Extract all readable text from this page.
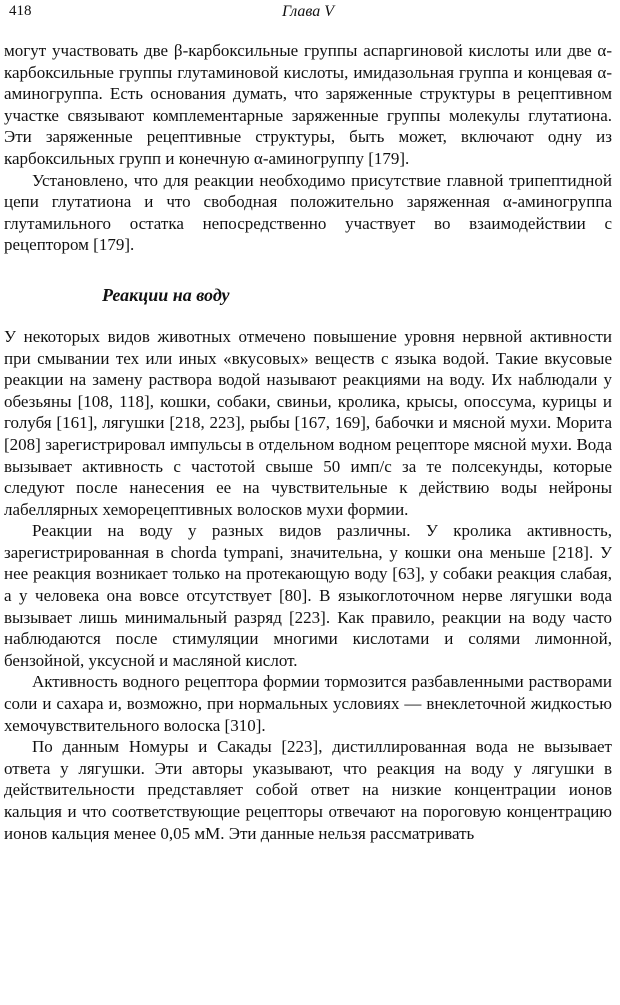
418	Глава V

могут участвовать две β-карбоксильные группы аспаргиновой кислоты или две α-карбоксильные группы глутаминовой кислоты, имидазольная группа и концевая α-аминогруппа. Есть основания думать, что заряженные структуры в рецептивном участке связывают комплементарные заряженные группы молекулы глутатиона. Эти заряженные рецептивные структуры, быть может, включают одну из карбоксильных групп и конечную α-аминогруппу [179].

Установлено, что для реакции необходимо присутствие главной трипептидной цепи глутатиона и что свободная положительно заряженная α-аминогруппа глутамильного остатка непосредственно участвует во взаимодействии с рецептором [179].

Реакции на воду

У некоторых видов животных отмечено повышение уровня нервной активности при смывании тех или иных «вкусовых» веществ с языка водой. Такие вкусовые реакции на замену раствора водой называют реакциями на воду. Их наблюдали у обезьяны [108, 118], кошки, собаки, свиньи, кролика, крысы, опоссума, курицы и голубя [161], лягушки [218, 223], рыбы [167, 169], бабочки и мясной мухи. Морита [208] зарегистрировал импульсы в отдельном водном рецепторе мясной мухи. Вода вызывает активность с частотой свыше 50 имп/с за те полсекунды, которые следуют после нанесения ее на чувствительные к действию воды нейроны лабеллярных хеморецептивных волосков мухи формии.

Реакции на воду у разных видов различны. У кролика активность, зарегистрированная в chorda tympani, значительна, у кошки она меньше [218]. У нее реакция возникает только на протекающую воду [63], у собаки реакция слабая, а у человека она вовсе отсутствует [80]. В языкоглоточном нерве лягушки вода вызывает лишь минимальный разряд [223]. Как правило, реакции на воду часто наблюдаются после стимуляции многими кислотами и солями лимонной, бензойной, уксусной и масляной кислот.

Активность водного рецептора формии тормозится разбавленными растворами соли и сахара и, возможно, при нормальных условиях — внеклеточной жидкостью хемочувствительного волоска [310].

По данным Номуры и Сакады [223], дистиллированная вода не вызывает ответа у лягушки. Эти авторы указывают, что реакция на воду у лягушки в действительности представляет собой ответ на низкие концентрации ионов кальция и что соответствующие рецепторы отвечают на пороговую концентрацию ионов кальция менее 0,05 мМ. Эти данные нельзя рассматривать
